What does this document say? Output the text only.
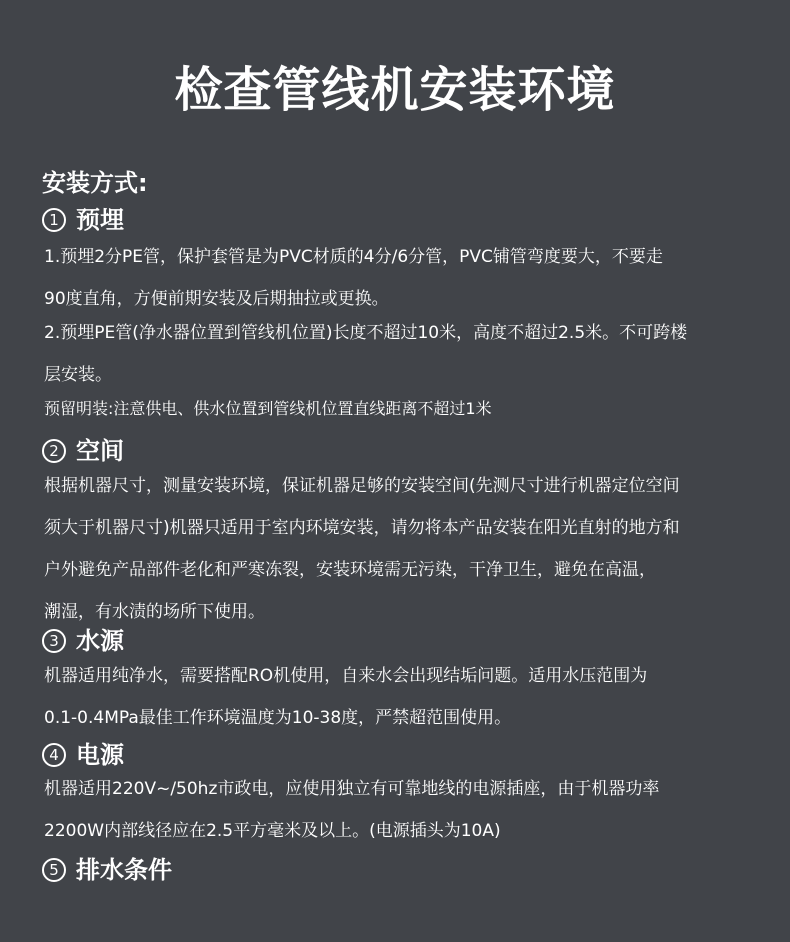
检查管线机安装环境
安装方式:
1 预埋
1.预埋2分PE管，保护套管是为PVC材质的4分/6分管，PVC铺管弯度要大，不要走
90度直角，方便前期安装及后期抽拉或更换。
2.预埋PE管(净水器位置到管线机位置)长度不超过10米，高度不超过2.5米。不可跨楼
层安装。
预留明装:注意供电、供水位置到管线机位置直线距离不超过1米
2 空间
根据机器尺寸，测量安装环境，保证机器足够的安装空间(先测尺寸进行机器定位空间
须大于机器尺寸)机器只适用于室内环境安装，请勿将本产品安装在阳光直射的地方和
户外避免产品部件老化和严寒冻裂，安装环境需无污染，干净卫生，避免在高温，
潮湿，有水渍的场所下使用。
3 水源
机器适用纯净水，需要搭配RO机使用，自来水会出现结垢问题。适用水压范围为
0.1-0.4MPa最佳工作环境温度为10-38度，严禁超范围使用。
4 电源
机器适用220V~/50hz市政电，应使用独立有可靠地线的电源插座，由于机器功率
2200W内部线径应在2.5平方毫米及以上。(电源插头为10A)
5 排水条件
